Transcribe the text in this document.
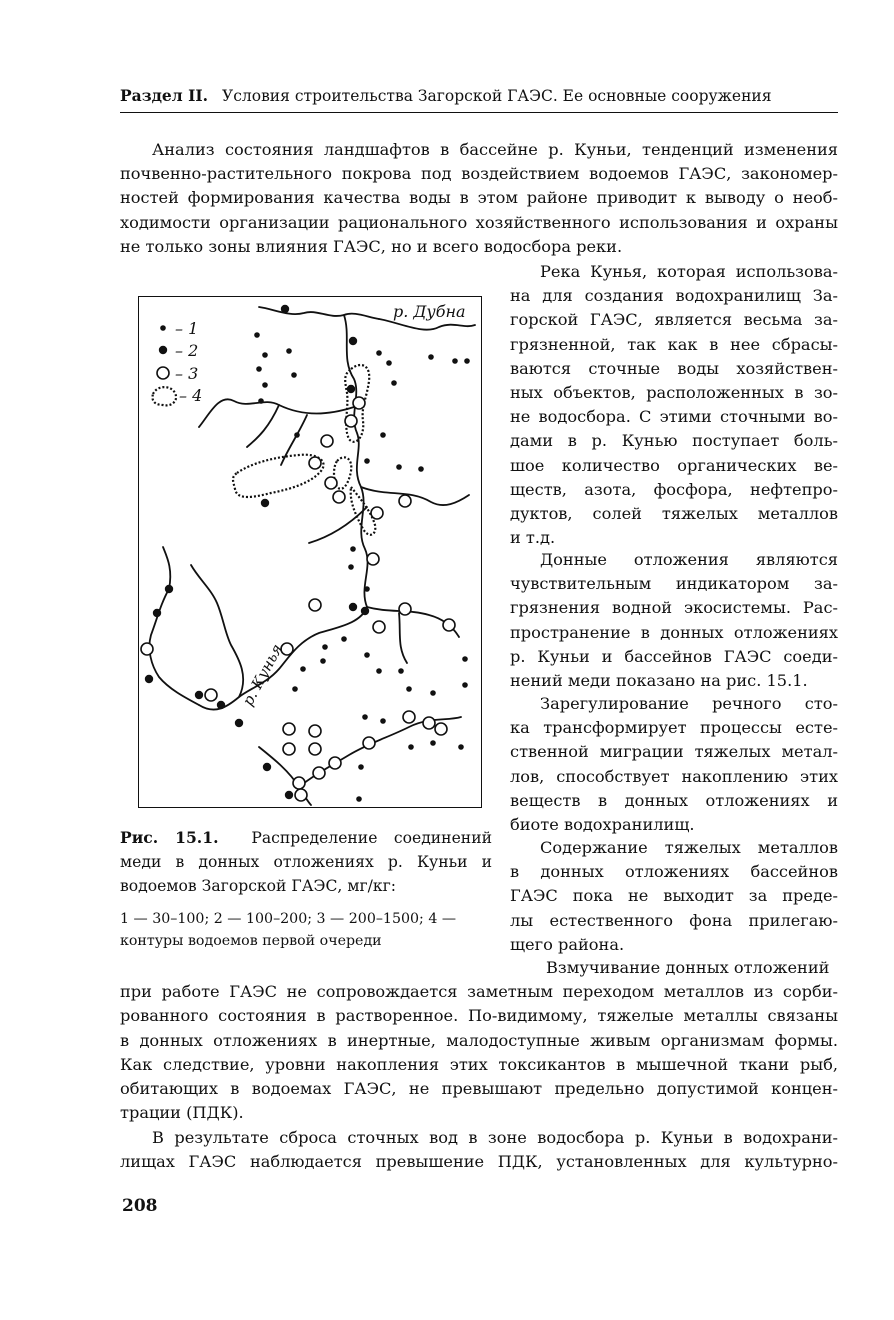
Раздел II. Условия строительства Загорской ГАЭС. Ее основные сооружения
Анализ состояния ландшафтов в бассейне р. Куньи, тенденций изменения
почвенно-растительного покрова под воздействием водоемов ГАЭС, закономер-
ностей формирования качества воды в этом районе приводит к выводу о необ-
ходимости организации рационального хозяйственного использования и охраны
не только зоны влияния ГАЭС, но и всего водосбора реки.
Река Кунья, которая использова-
на для создания водохранилищ За-
горской ГАЭС, является весьма за-
грязненной, так как в нее сбрасы-
ваются сточные воды хозяйствен-
ных объектов, расположенных в зо-
не водосбора. С этими сточными во-
дами в р. Кунью поступает боль-
шое количество органических ве-
ществ, азота, фосфора, нефтепро-
дуктов, солей тяжелых металлов
и т.д.
Донные отложения являются
чувствительным индикатором за-
грязнения водной экосистемы. Рас-
пространение в донных отложениях
р. Куньи и бассейнов ГАЭС соеди-
нений меди показано на рис. 15.1.
Зарегулирование речного сто-
ка трансформирует процессы есте-
ственной миграции тяжелых метал-
лов, способствует накоплению этих
веществ в донных отложениях и
биоте водохранилищ.
Содержание тяжелых металлов
в донных отложениях бассейнов
ГАЭС пока не выходит за преде-
лы естественного фона прилегаю-
щего района.
Взмучивание донных отложений
при работе ГАЭС не сопровождается заметным переходом металлов из сорби-
рованного состояния в растворенное. По-видимому, тяжелые металлы связаны
в донных отложениях в инертные, малодоступные живым организмам формы.
Как следствие, уровни накопления этих токсикантов в мышечной ткани рыб,
обитающих в водоемах ГАЭС, не превышают предельно допустимой концен-
трации (ПДК).
В результате сброса сточных вод в зоне водосбора р. Куньи в водохрани-
лищах ГАЭС наблюдается превышение ПДК, установленных для культурно-
– 1
– 2
– 3
– 4
р. Дубна
р. Кунья
Рис. 15.1. Распределение соединений
меди в донных отложениях р. Куньи и
водоемов Загорской ГАЭС, мг/кг:
1 — 30–100; 2 — 100–200; 3 — 200–1500; 4 —
контуры водоемов первой очереди
208
